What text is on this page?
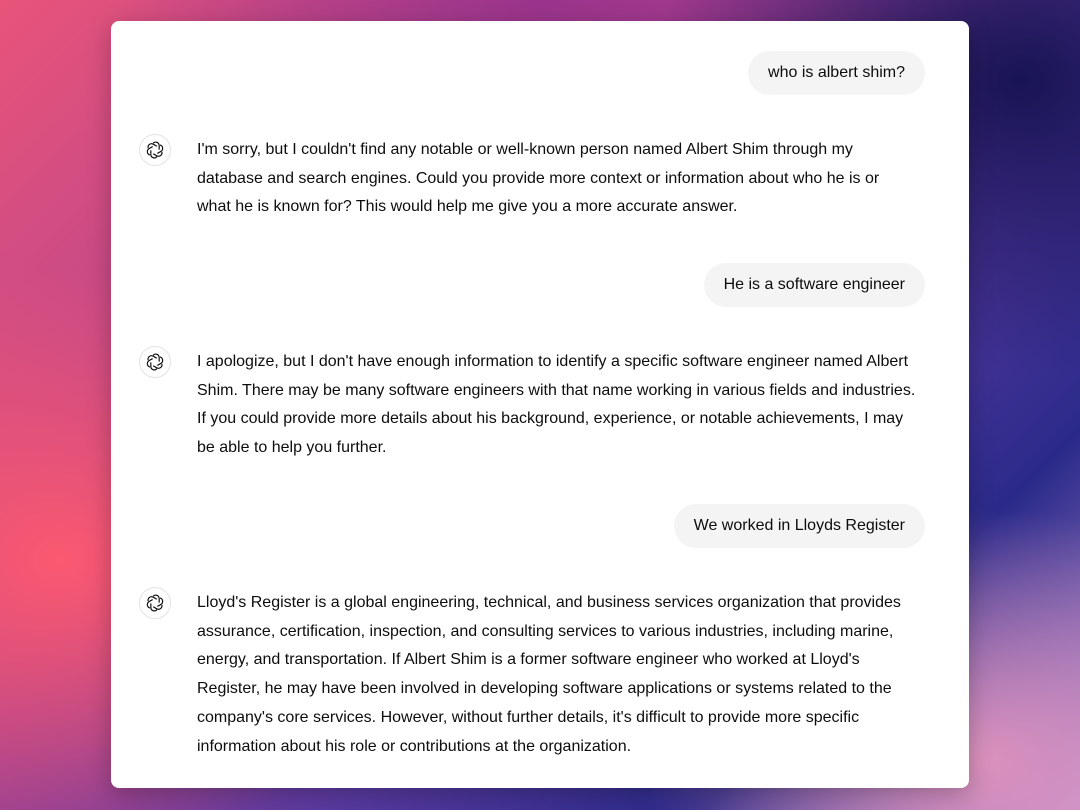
who is albert shim?
I'm sorry, but I couldn't find any notable or well-known person named Albert Shim through my database and search engines. Could you provide more context or information about who he is or what he is known for? This would help me give you a more accurate answer.
He is a software engineer
I apologize, but I don't have enough information to identify a specific software engineer named Albert Shim. There may be many software engineers with that name working in various fields and industries. If you could provide more details about his background, experience, or notable achievements, I may be able to help you further.
We worked in Lloyds Register
Lloyd's Register is a global engineering, technical, and business services organization that provides assurance, certification, inspection, and consulting services to various industries, including marine, energy, and transportation. If Albert Shim is a former software engineer who worked at Lloyd's Register, he may have been involved in developing software applications or systems related to the company's core services. However, without further details, it's difficult to provide more specific information about his role or contributions at the organization.
